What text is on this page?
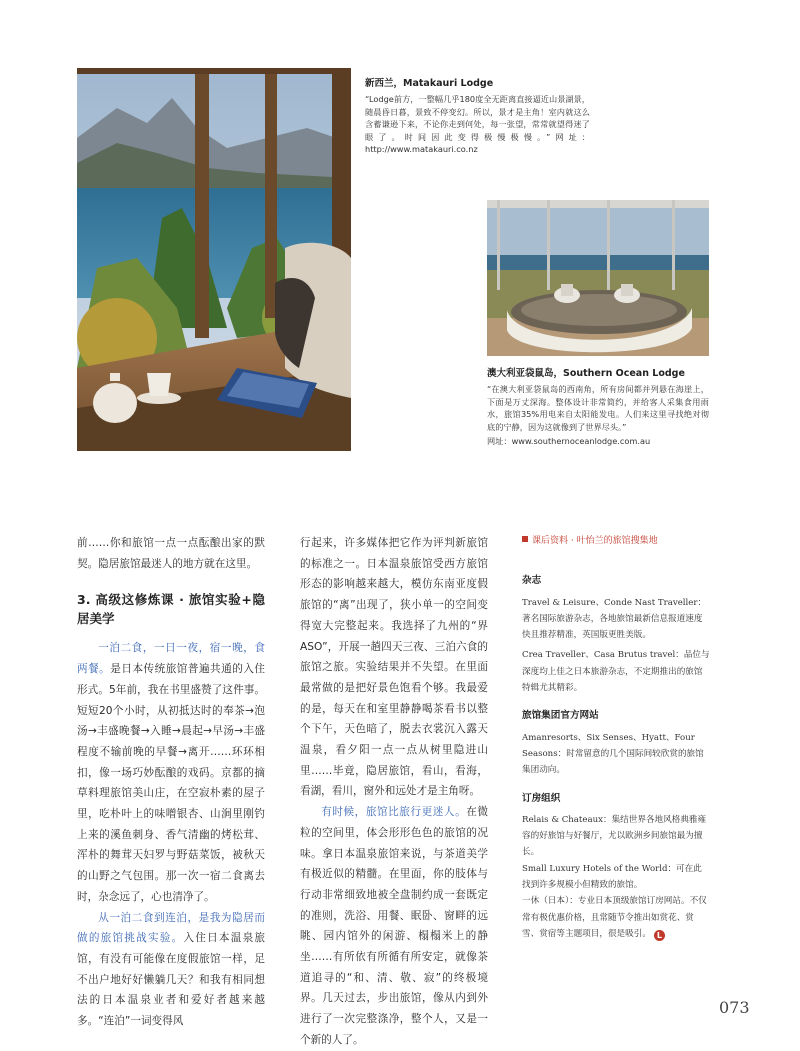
新西兰，Matakauri Lodge
“Lodge前方，一整幅几乎180度全无距离直接逼近山景湖景，随晨昏日暮，景致不停变幻。所以，景才是主角！室内就这么含蓄谦逊下来，不论你走到何处，每一张望，常常就望得迷了眼了。时间因此变得极慢极慢。”网址：http://www.matakauri.co.nz
澳大利亚袋鼠岛，Southern Ocean Lodge
“在澳大利亚袋鼠岛的西南角，所有房间都并列悬在海崖上，下面是万丈深海。整体设计非常简约，并给客人采集食用雨水，旅馆35%用电来自太阳能发电。人们来这里寻找绝对彻底的宁静，因为这就像到了世界尽头。”
网址：www.southernoceanlodge.com.au

前……你和旅馆一点一点酝酿出家的默契。隐居旅馆最迷人的地方就在这里。

3. 高级这修炼课 · 旅馆实验+隐居美学

一泊二食，一日一夜，宿一晚，食两餐。是日本传统旅馆普遍共通的入住形式。5年前，我在书里盛赞了这件事。短短20个小时，从初抵达时的奉茶→泡汤→丰盛晚餐→入睡→晨起→早汤→丰盛程度不输前晚的早餐→离开……环环相扣，像一场巧妙酝酿的戏码。京都的摘草料理旅馆美山庄，在空寂朴素的屋子里，吃朴叶上的味噌银杏、山涧里刚钓上来的溪鱼刺身、香气清幽的烤松茸、浑朴的舞茸天妇罗与野菇菜饭，被秋天的山野之气包围。那一次一宿二食离去时，杂念远了，心也清净了。

从一泊二食到连泊，是我为隐居而做的旅馆挑战实验。入住日本温泉旅馆，有没有可能像在度假旅馆一样，足不出户地好好懒躺几天？和我有相同想法的日本温泉业者和爱好者越来越多。“连泊”一词变得风

行起来，许多媒体把它作为评判新旅馆的标准之一。日本温泉旅馆受西方旅馆形态的影响越来越大，模仿东南亚度假旅馆的“离”出现了，狭小单一的空间变得宽大完整起来。我选择了九州的“界ASO”，开展一趟四天三夜、三泊六食的旅馆之旅。实验结果并不失望。在里面最常做的是把好景色饱看个够。我最爱的是，每天在和室里静静喝茶看书以整个下午，天色暗了，脱去衣裳沉入露天温泉，看夕阳一点一点从树里隐进山里……毕竟，隐居旅馆，看山，看海，看湖，看川，窗外和远处才是主角呀。

有时候，旅馆比旅行更迷人。在微粒的空间里，体会形形色色的旅馆的况味。拿日本温泉旅馆来说，与茶道美学有极近似的精髓。在里面，你的肢体与行动非常细致地被全盘制约成一套既定的准则，洗浴、用餐、眠卧、窗畔的远眺、园内馆外的闲游、榻榻米上的静坐……有所依有所循有所安定，就像茶道追寻的“和、清、敬、寂”的终极境界。几天过去，步出旅馆，像从内到外进行了一次完整涤净，整个人，又是一个新的人了。

课后资料 · 叶怡兰的旅馆搜集地
杂志
Travel & Leisure、Conde Nast Traveller：著名国际旅游杂志，各地旅馆最新信息报道速度快且推荐精准，英国版更胜美版。
Crea Traveller、Casa Brutus travel：品位与深度均上佳之日本旅游杂志，不定期推出的旅馆特辑尤其精彩。
旅馆集团官方网站
Amanresorts、Six Senses、Hyatt、Four Seasons：时常留意的几个国际间较欣赏的旅馆集团动向。
订房组织
Relais & Chateaux：集结世界各地风格典雅雍容的好旅馆与好餐厅，尤以欧洲乡间旅馆最为擅长。
Small Luxury Hotels of the World：可在此找到许多规模小但精致的旅馆。
一休（日本）：专业日本顶级旅馆订房网站。不仅常有极优惠价格，且常随节令推出如赏花、赏雪、赏宿等主题项目，很是吸引。 L
073
